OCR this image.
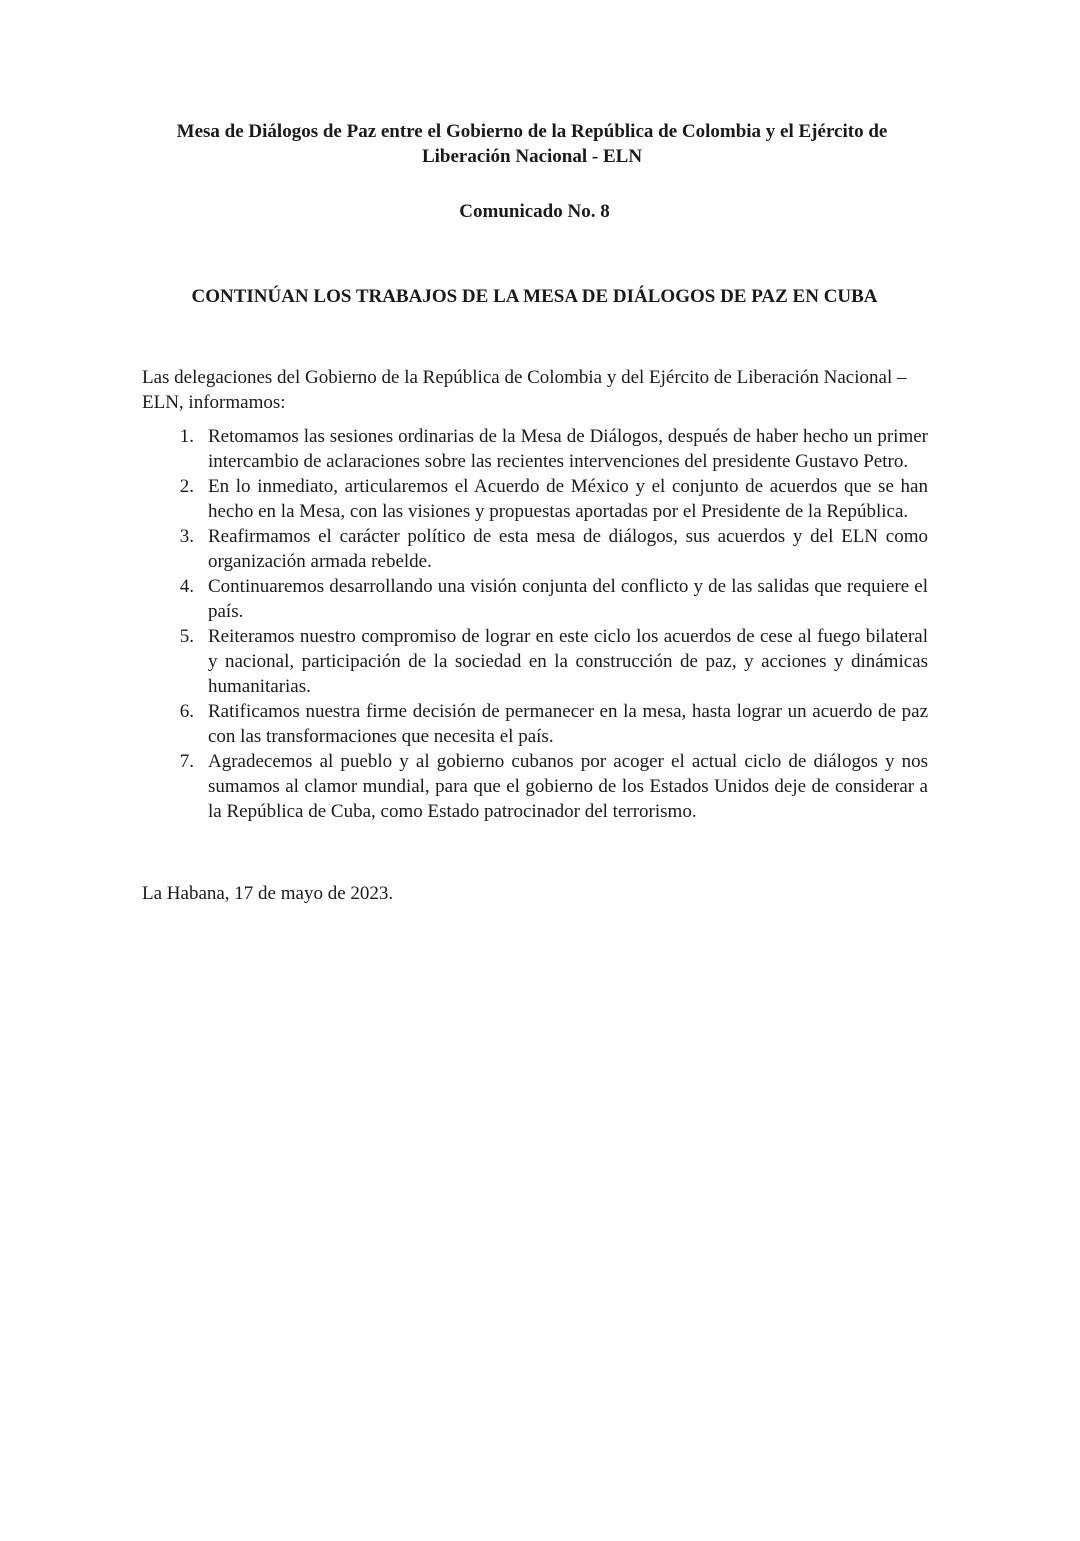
Mesa de Diálogos de Paz entre el Gobierno de la República de Colombia y el Ejército de

Liberación Nacional - ELN

Comunicado No. 8

CONTINÚAN LOS TRABAJOS DE LA MESA DE DIÁLOGOS DE PAZ EN CUBA

Las delegaciones del Gobierno de la República de Colombia y del Ejército de Liberación Nacional – ELN, informamos:

1. Retomamos las sesiones ordinarias de la Mesa de Diálogos, después de haber hecho un primer intercambio de aclaraciones sobre las recientes intervenciones del presidente Gustavo Petro.
2. En lo inmediato, articularemos el Acuerdo de México y el conjunto de acuerdos que se han hecho en la Mesa, con las visiones y propuestas aportadas por el Presidente de la República.
3. Reafirmamos el carácter político de esta mesa de diálogos, sus acuerdos y del ELN como organización armada rebelde.
4. Continuaremos desarrollando una visión conjunta del conflicto y de las salidas que requiere el país.
5. Reiteramos nuestro compromiso de lograr en este ciclo los acuerdos de cese al fuego bilateral y nacional, participación de la sociedad en la construcción de paz, y acciones y dinámicas humanitarias.
6. Ratificamos nuestra firme decisión de permanecer en la mesa, hasta lograr un acuerdo de paz con las transformaciones que necesita el país.
7. Agradecemos al pueblo y al gobierno cubanos por acoger el actual ciclo de diálogos y nos sumamos al clamor mundial, para que el gobierno de los Estados Unidos deje de considerar a la República de Cuba, como Estado patrocinador del terrorismo.

La Habana, 17 de mayo de 2023.
